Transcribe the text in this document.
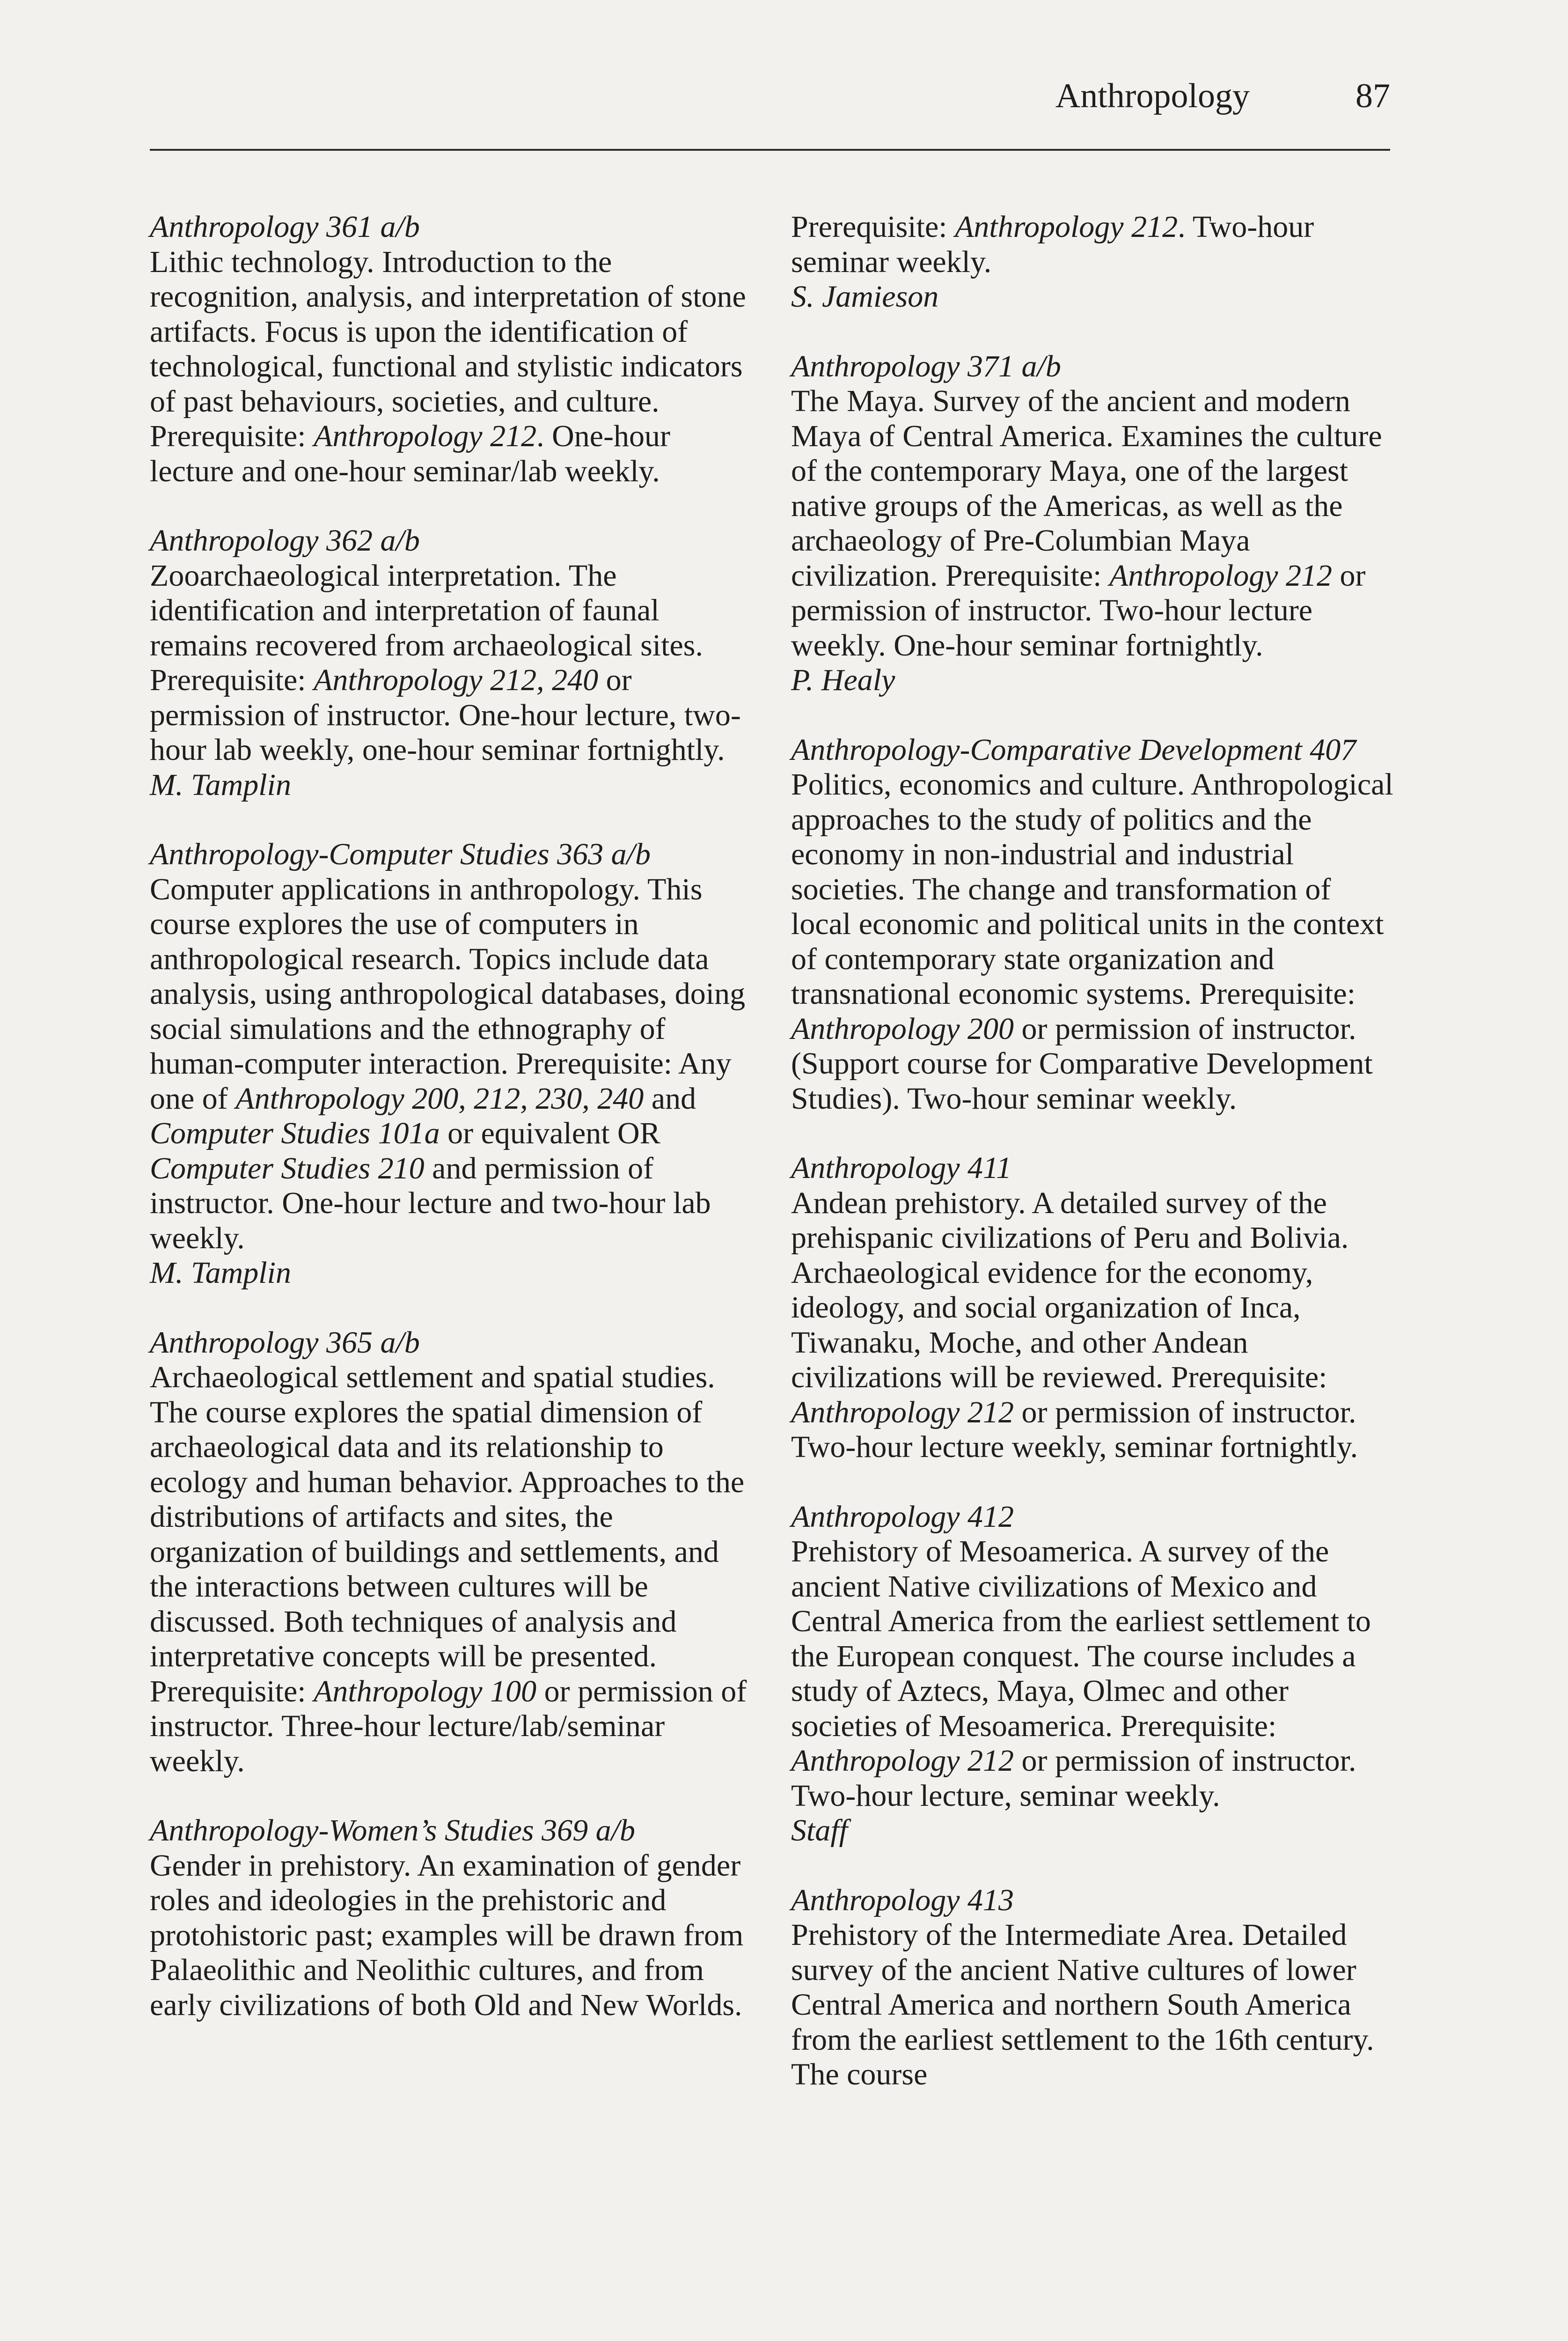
Anthropology	87
Anthropology 361 a/b

Lithic technology. Introduction to the recognition, analysis, and interpretation of stone artifacts. Focus is upon the identification of technological, functional and stylistic indicators of past behaviours, societies, and culture. Prerequisite: Anthropology 212. One-hour lecture and one-hour seminar/lab weekly.

Anthropology 362 a/b

Zooarchaeological interpretation. The identification and interpretation of faunal remains recovered from archaeological sites. Prerequisite: Anthropology 212, 240 or permission of instructor. One-hour lecture, two-hour lab weekly, one-hour seminar fortnightly.

M. Tamplin
Anthropology-Computer Studies 363 a/b

Computer applications in anthropology. This course explores the use of computers in anthropological research. Topics include data analysis, using anthropological databases, doing social simulations and the ethnography of human-computer interaction. Prerequisite: Any one of Anthropology 200, 212, 230, 240 and Computer Studies 101a or equivalent OR Computer Studies 210 and permission of instructor. One-hour lecture and two-hour lab weekly.

M. Tamplin
Anthropology 365 a/b

Archaeological settlement and spatial studies. The course explores the spatial dimension of archaeological data and its relationship to ecology and human behavior. Approaches to the distributions of artifacts and sites, the organization of buildings and settlements, and the interactions between cultures will be discussed. Both techniques of analysis and interpretative concepts will be presented. Prerequisite: Anthropology 100 or permission of instructor. Three-hour lecture/lab/seminar weekly.

Anthropology-Women’s Studies 369 a/b

Gender in prehistory. An examination of gender roles and ideologies in the prehistoric and protohistoric past; examples will be drawn from Palaeolithic and Neolithic cultures, and from early civilizations of both Old and New Worlds.

Prerequisite: Anthropology 212. Two-hour seminar weekly.

S. Jamieson
Anthropology 371 a/b

The Maya. Survey of the ancient and modern Maya of Central America. Examines the culture of the contemporary Maya, one of the largest native groups of the Americas, as well as the archaeology of Pre-Columbian Maya civilization. Prerequisite: Anthropology 212 or permission of instructor. Two-hour lecture weekly. One-hour seminar fortnightly.

P. Healy
Anthropology-Comparative Development 407

Politics, economics and culture. Anthropological approaches to the study of politics and the economy in non-industrial and industrial societies. The change and transformation of local economic and political units in the context of contemporary state organization and transnational economic systems. Prerequisite: Anthropology 200 or permission of instructor. (Support course for Comparative Development Studies). Two-hour seminar weekly.

Anthropology 411

Andean prehistory. A detailed survey of the prehispanic civilizations of Peru and Bolivia. Archaeological evidence for the economy, ideology, and social organization of Inca, Tiwanaku, Moche, and other Andean civilizations will be reviewed. Prerequisite: Anthropology 212 or permission of instructor. Two-hour lecture weekly, seminar fortnightly.

Anthropology 412

Prehistory of Mesoamerica. A survey of the ancient Native civilizations of Mexico and Central America from the earliest settlement to the European conquest. The course includes a study of Aztecs, Maya, Olmec and other societies of Mesoamerica. Prerequisite: Anthropology 212 or permission of instructor. Two-hour lecture, seminar weekly.

Staff
Anthropology 413

Prehistory of the Intermediate Area. Detailed survey of the ancient Native cultures of lower Central America and northern South America from the earliest settlement to the 16th century. The course
